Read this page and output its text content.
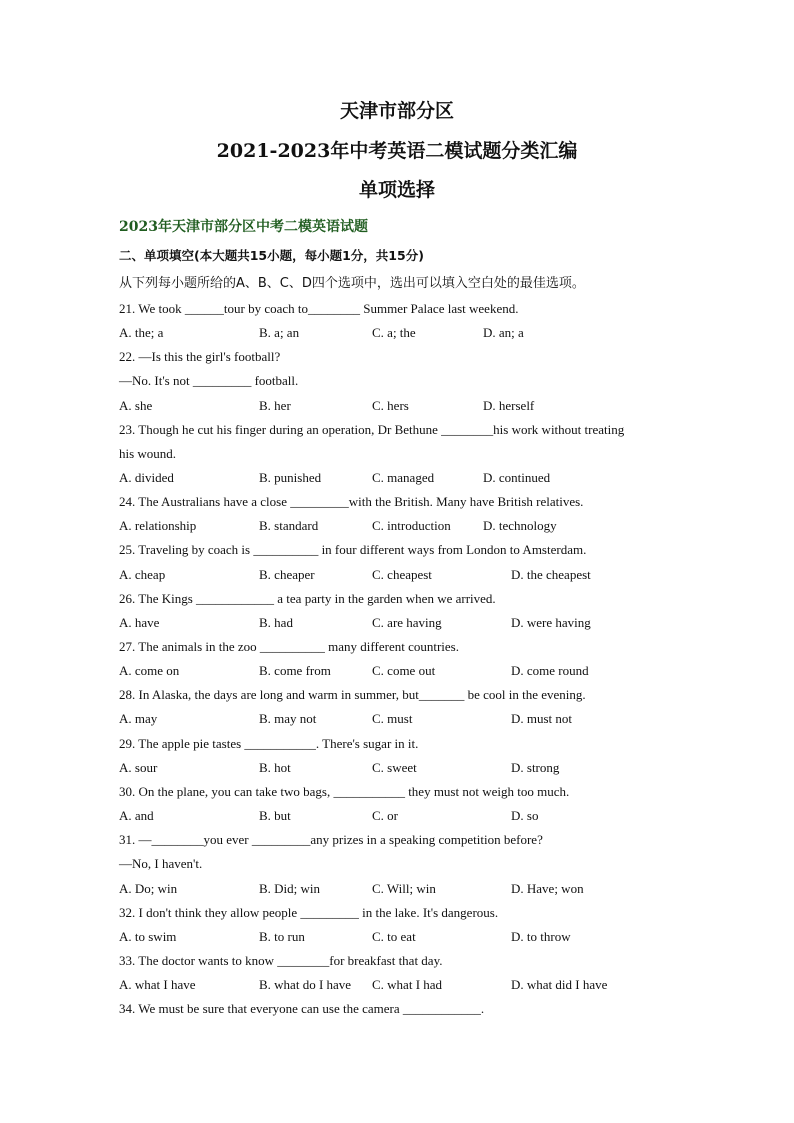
天津市部分区
2021-2023年中考英语二模试题分类汇编
单项选择
2023年天津市部分区中考二模英语试题
二、单项填空(本大题共15小题，每小题1分，共15分)
从下列每小题所给的A、B、C、D四个选项中，选出可以填入空白处的最佳选项。
21. We took ______tour by coach to________ Summer Palace last weekend.
A. the; a	B. a; an	C. a; the	D. an; a
22. —Is this the girl's football?
—No. It's not _________ football.
A. she	B. her	C. hers	D. herself
23. Though he cut his finger during an operation, Dr Bethune ________his work without treating
his wound.
A. divided	B. punished	C. managed	D. continued
24. The Australians have a close _________with the British. Many have British relatives.
A. relationship	B. standard	C. introduction D. technology
25. Traveling by coach is __________ in four different ways from London to Amsterdam.
A. cheap	B. cheaper	C. cheapest	D. the cheapest
26. The Kings ____________ a tea party in the garden when we arrived.
A. have	B. had	C. are having	D. were having
27. The animals in the zoo __________ many different countries.
A. come on	B. come from	C. come out	D. come round
28. In Alaska, the days are long and warm in summer, but_______ be cool in the evening.
A. may	B. may not	C. must	D. must not
29. The apple pie tastes ___________. There's sugar in it.
A. sour	B. hot	C. sweet	D. strong
30. On the plane, you can take two bags, ___________ they must not weigh too much.
A. and	B. but	C. or	D. so
31. —________you ever _________any prizes in a speaking competition before?
—No, I haven't.
A. Do; win	B. Did; win	C. Will; win	D. Have; won
32. I don't think they allow people _________ in the lake. It's dangerous.
A. to swim	B. to run	C. to eat	D. to throw
33. The doctor wants to know ________for breakfast that day.
A. what I have	B. what do I have C. what I had	D. what did I have
34. We must be sure that everyone can use the camera ____________.
